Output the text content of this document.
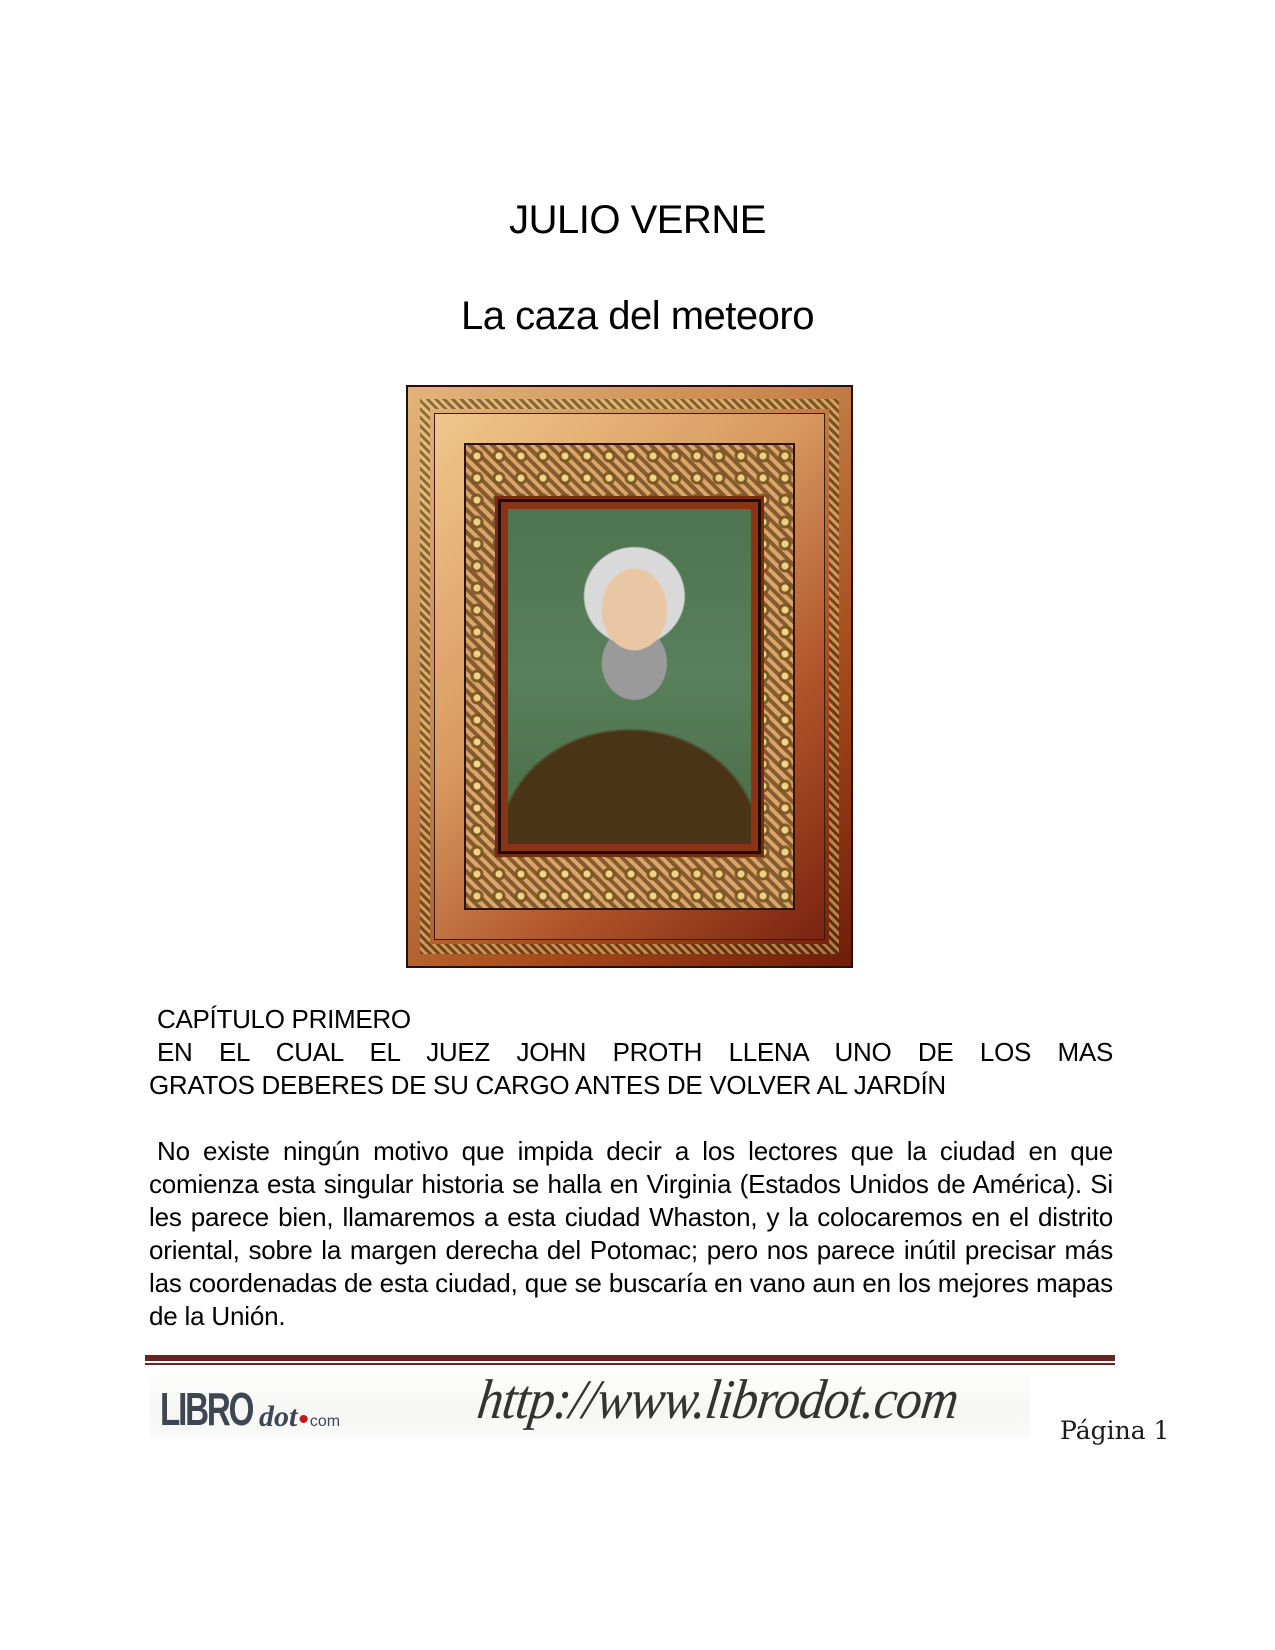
JULIO VERNE
La caza del meteoro
CAPÍTULO PRIMERO
EN EL CUAL EL JUEZ JOHN PROTH LLENA UNO DE LOS MAS
GRATOS DEBERES DE SU CARGO ANTES DE VOLVER AL JARDÍN

No existe ningún motivo que impida decir a los lectores que la ciudad en que comienza esta singular historia se halla en Virginia (Estados Unidos de América). Si les parece bien, llamaremos a esta ciudad Whaston, y la colocaremos en el distrito oriental, sobre la margen derecha del Potomac; pero nos parece inútil precisar más las coordenadas de esta ciudad, que se buscaría en vano aun en los mejores mapas de la Unión.

LIBRO dot • com http://www.librodot.com	Página 1
